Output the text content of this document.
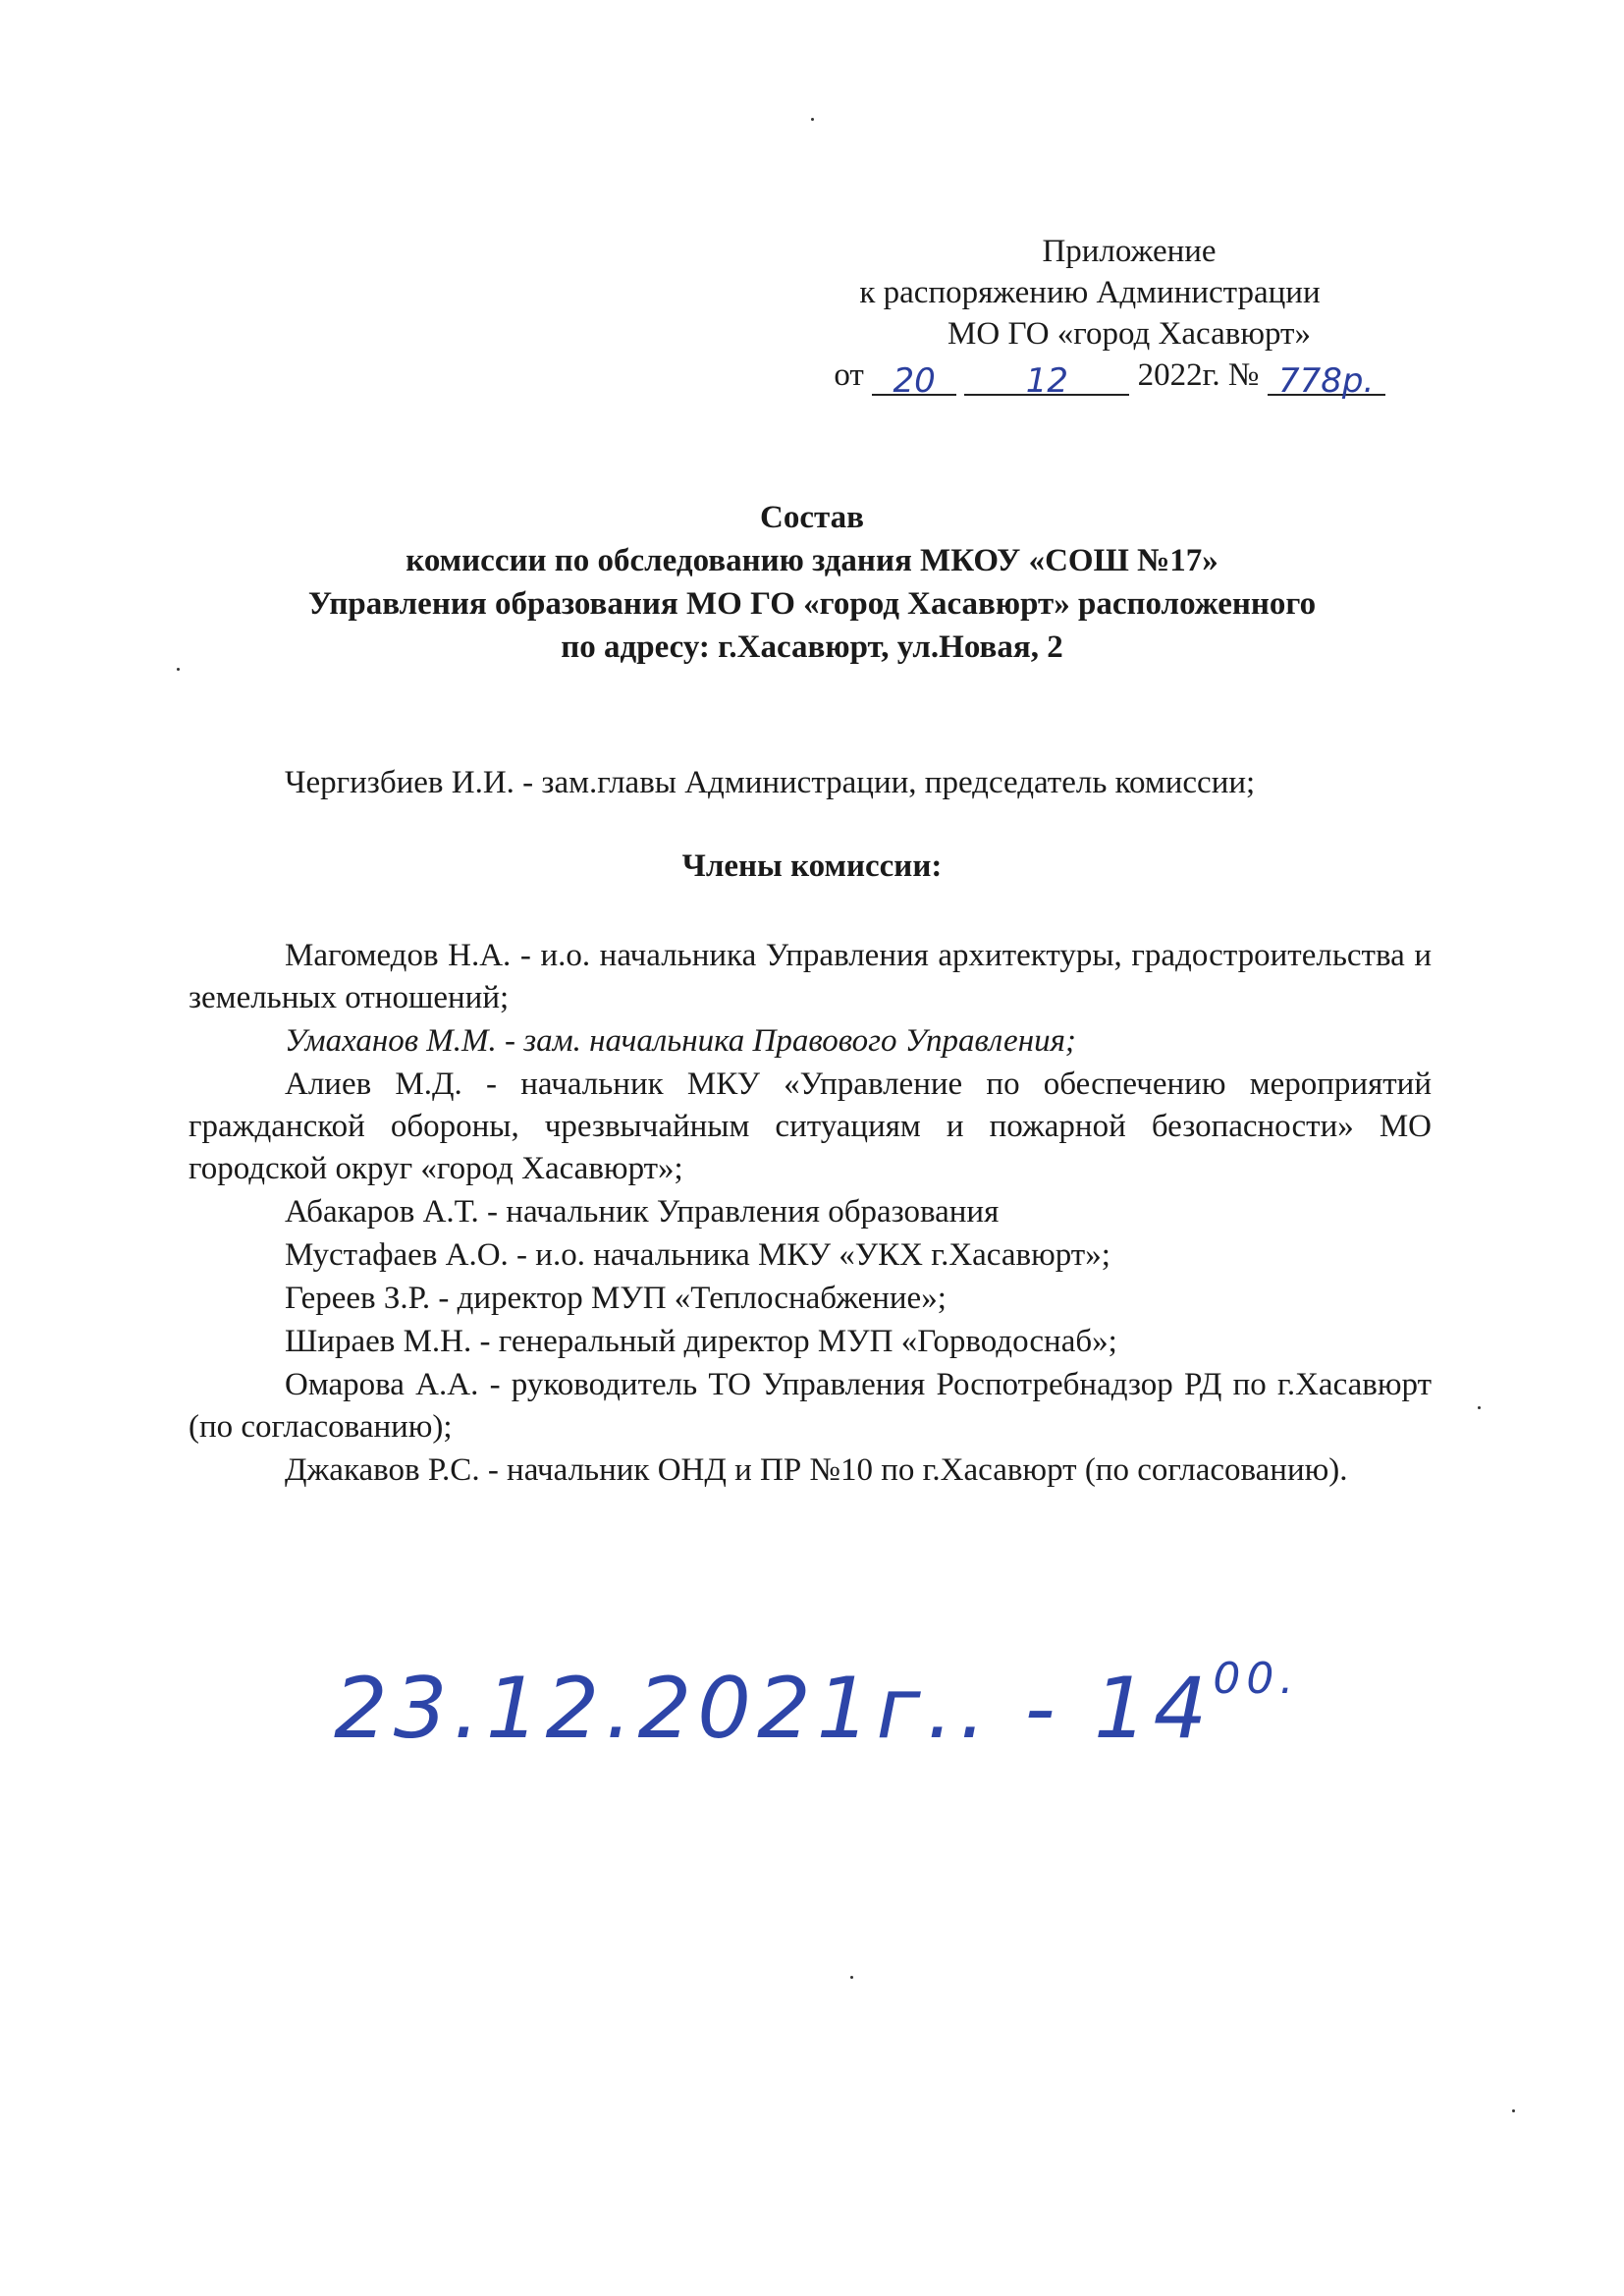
Приложение
к распоряжению Администрации
МО ГО «город Хасавюрт»
от 20	12 2022г. № 778р.
Состав
комиссии по обследованию здания МКОУ «СОШ №17»
Управления образования МО ГО «город Хасавюрт» расположенного
по адресу: г.Хасавюрт, ул.Новая, 2
Чергизбиев И.И. - зам.главы Администрации, председатель комиссии;
Члены комиссии:

Магомедов Н.А. - и.о. начальника Управления архитектуры, градостроительства и земельных отношений;

Умаханов М.М. - зам. начальника Правового Управления;

Алиев М.Д. - начальник МКУ «Управление по обеспечению мероприятий гражданской обороны, чрезвычайным ситуациям и пожарной безопасности» МО городской округ «город Хасавюрт»;

Абакаров А.Т. - начальник Управления образования

Мустафаев А.О. - и.о. начальника МКУ «УКХ г.Хасавюрт»;

Гереев З.Р. - директор МУП «Теплоснабжение»;

Шираев М.Н. - генеральный директор МУП «Горводоснаб»;

Омарова А.А. - руководитель ТО Управления Роспотребнадзор РД по г.Хасавюрт (по согласованию);

Джакавов Р.С. - начальник ОНД и ПР №10 по г.Хасавюрт (по согласованию).

23.12.2021г.. - $14^{00.}$
